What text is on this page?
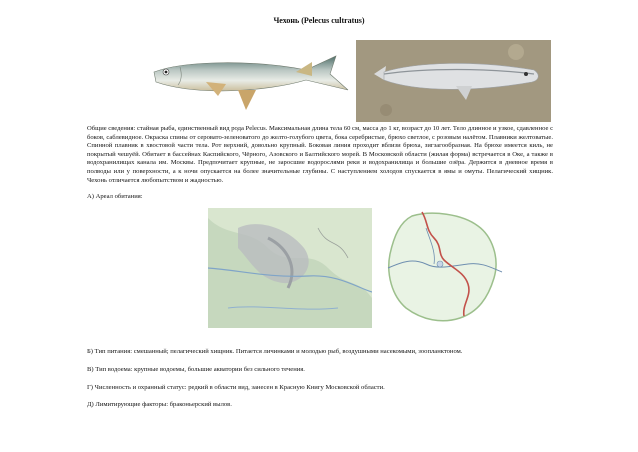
Чехонь (Pelecus cultratus)

Общие сведения: стайная рыба, единственный вид рода Pelecus. Максимальная длина тела 60 см, масса до 1 кг, возраст до 10 лет. Тело длинное и узкое, сдавленное с боков, саблевидное. Окраска спины от серовато-зеленоватого до желто-голубого цвета, бока серебристые, брюхо светлое, с розовым налётом. Плавники желтоватые. Спинной плавник в хвостовой части тела. Рот верхний, довольно крупный. Боковая линия проходит вблизи брюха, зигзагообразная. На брюхе имеется киль, не покрытый чешуёй. Обитает в бассейнах Каспийского, Чёрного, Азовского и Балтийского морей. В Московской области (жилая форма) встречается в Оке, а также в водохранилищах канала им. Москвы. Предпочитает крупные, не заросшие водорослями реки и водохранилища и большие озёра. Держится в дневное время в полводы или у поверхности, а к ночи опускается на более значительные глубины. С наступлением холодов спускается в ямы и омуты. Пелагический хищник. Чехонь отличается любопытством и жадностью.

А) Ареал обитания:
Б) Тип питания: смешанный; пелагический хищник. Питается личинками и молодью рыб, воздушными насекомыми, зоопланктоном.
В) Тип водоема: крупные водоемы, большие акватории без сильного течения.
Г) Численность и охранный статус: редкий в области вид, занесен в Красную Книгу Московской области.
Д) Лимитирующие факторы: браконьерский вылов.
